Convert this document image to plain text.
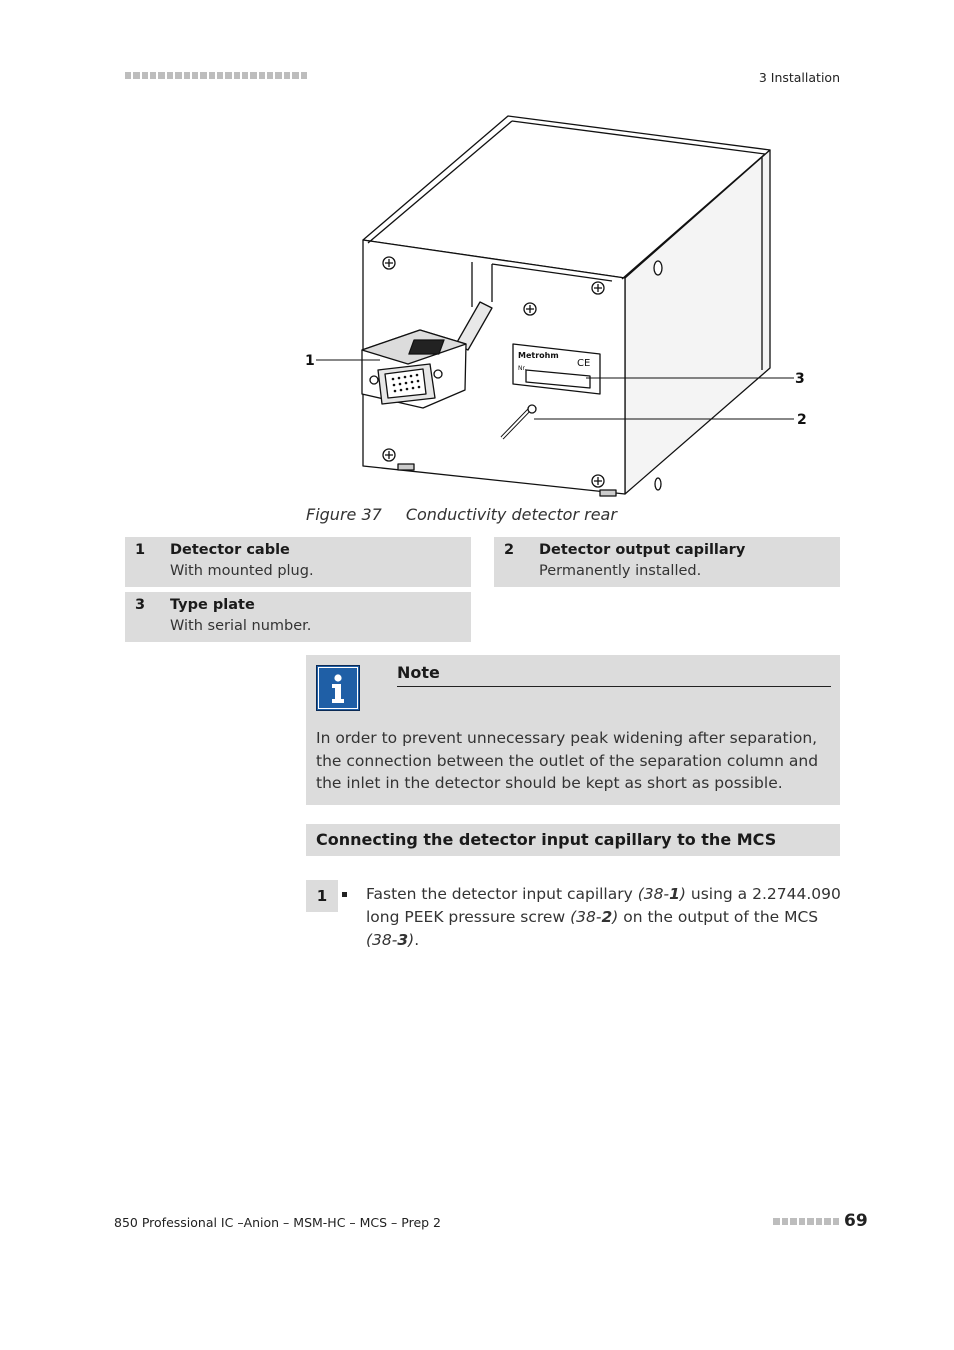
3 Installation
Metrohm
Nr.	CE
1
3
2
Figure 37 Conductivity detector rear
1 Detector cable
With mounted plug.
2 Detector output capillary
Permanently installed.
3 Type plate
With serial number.
Note
In order to prevent unnecessary peak widening after separation, the connection between the outlet of the separation column and the inlet in the detector should be kept as short as possible.
Connecting the detector input capillary to the MCS
1	Fasten the detector input capillary (38-1) using a 2.2744.090 long PEEK pressure screw (38-2) on the output of the MCS (38-3).
850 Professional IC –Anion – MSM-HC – MCS – Prep 2	69
